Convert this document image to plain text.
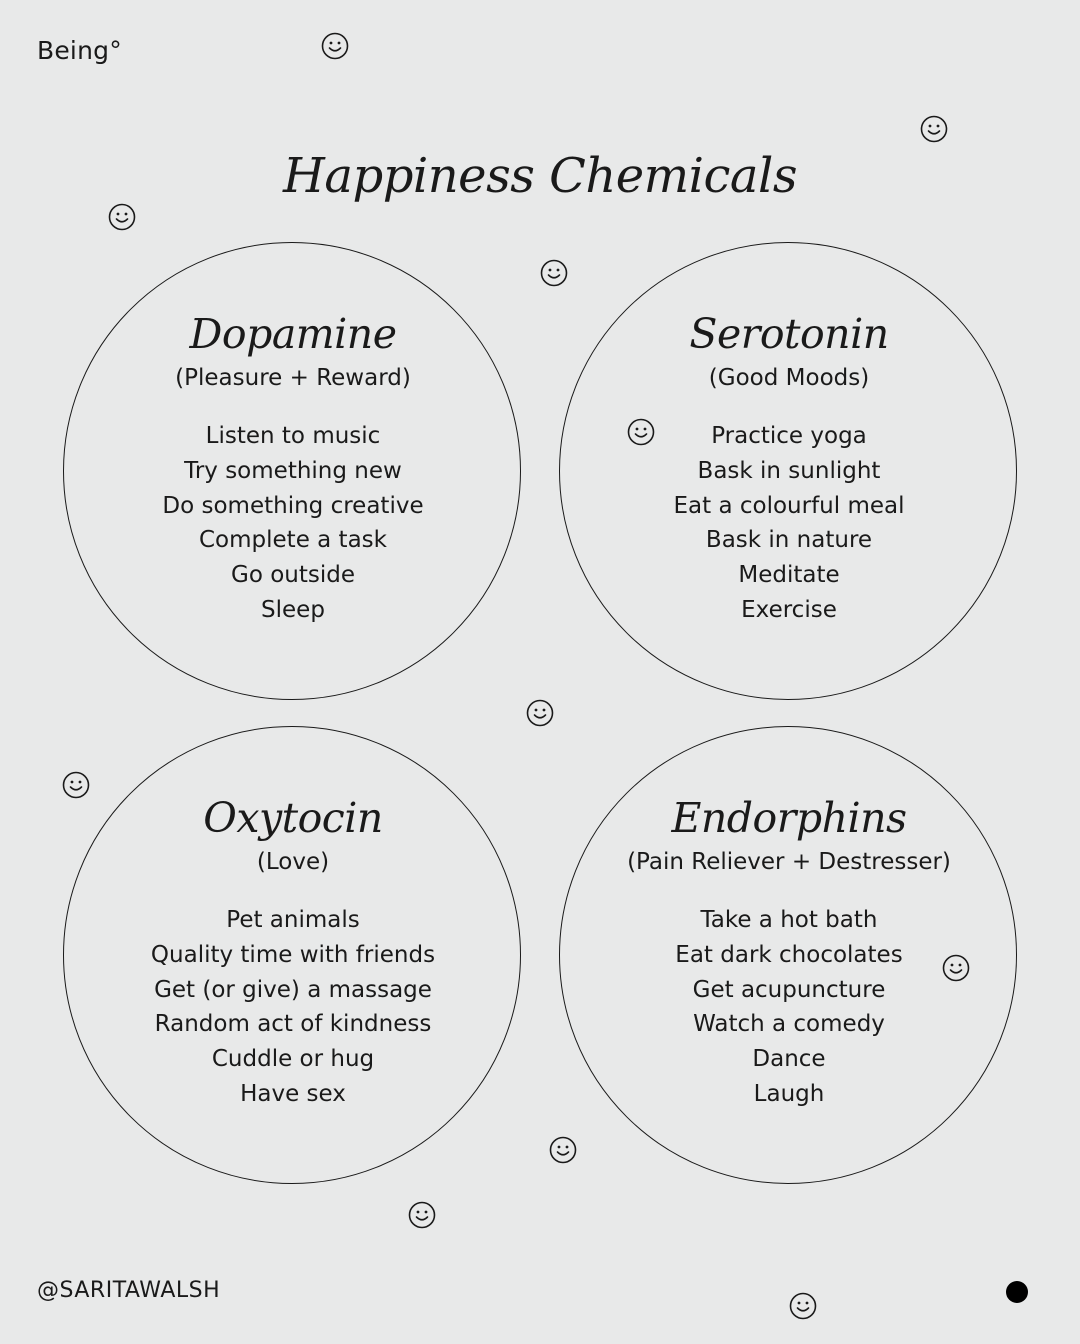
Being°
Happiness Chemicals
Dopamine
(Pleasure + Reward)
Listen to music
Try something new
Do something creative
Complete a task
Go outside
Sleep
Serotonin
(Good Moods)
Practice yoga
Bask in sunlight
Eat a colourful meal
Bask in nature
Meditate
Exercise
Oxytocin
(Love)
Pet animals
Quality time with friends
Get (or give) a massage
Random act of kindness
Cuddle or hug
Have sex
Endorphins
(Pain Reliever + Destresser)
Take a hot bath
Eat dark chocolates
Get acupuncture
Watch a comedy
Dance
Laugh
@SARITAWALSH
